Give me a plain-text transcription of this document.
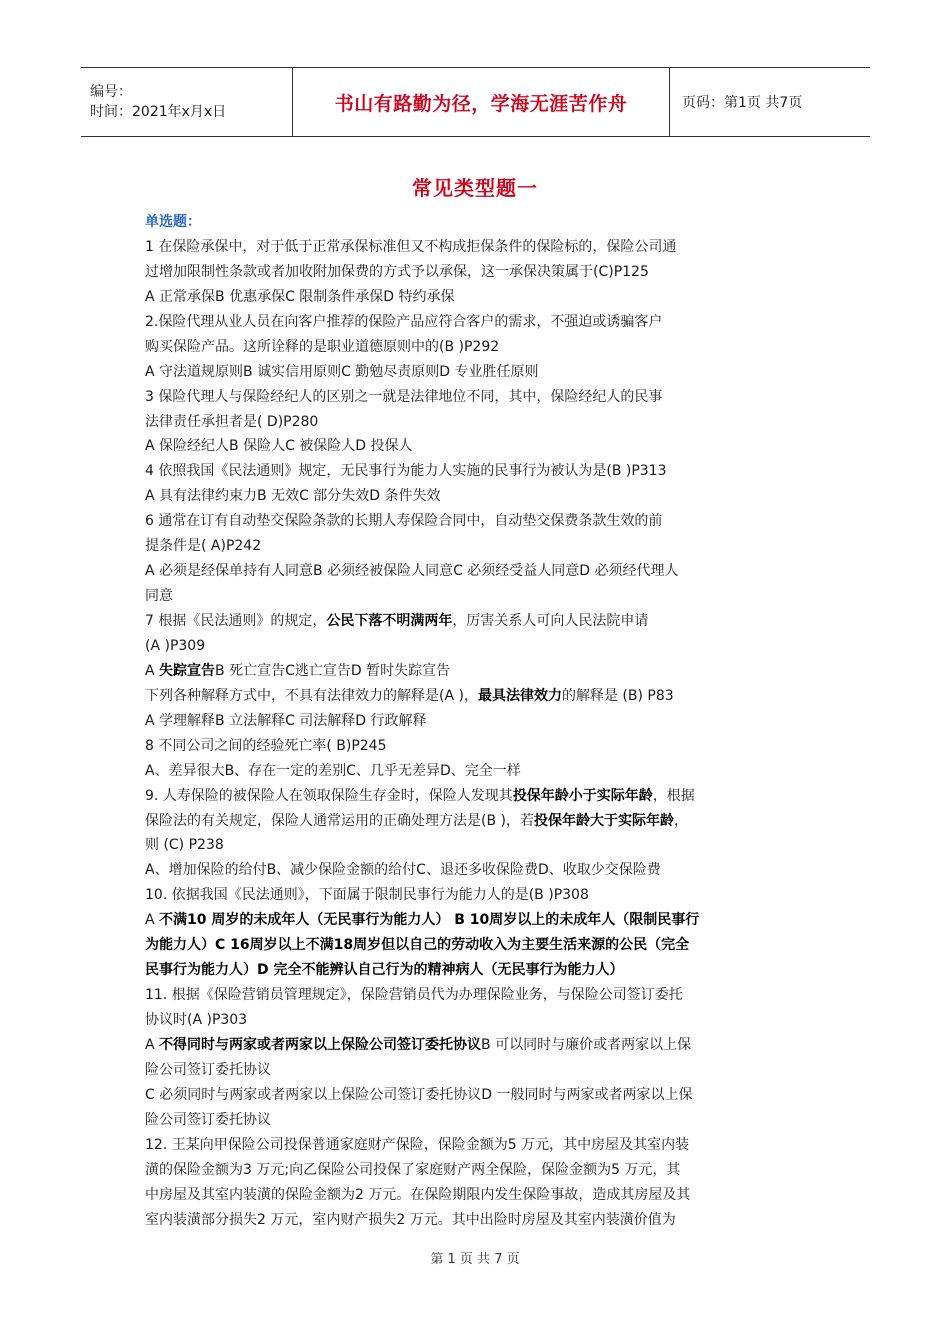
编号：
时间：2021年x月x日	书山有路勤为径，学海无涯苦作舟	页码：第1页 共7页
常见类型题一
单选题：
1 在保险承保中，对于低于正常承保标准但又不构成拒保条件的保险标的，保险公司通
过增加限制性条款或者加收附加保费的方式予以承保，这一承保决策属于(C)P125
A 正常承保B 优惠承保C 限制条件承保D 特约承保
2.保险代理从业人员在向客户推荐的保险产品应符合客户的需求，不强迫或诱骗客户
购买保险产品。这所诠释的是职业道德原则中的(B )P292
A 守法道规原则B 诚实信用原则C 勤勉尽责原则D 专业胜任原则
3 保险代理人与保险经纪人的区别之一就是法律地位不同，其中，保险经纪人的民事
法律责任承担者是( D)P280
A 保险经纪人B 保险人C 被保险人D 投保人
4 依照我国《民法通则》规定，无民事行为能力人实施的民事行为被认为是(B )P313
A 具有法律约束力B 无效C 部分失效D 条件失效
6 通常在订有自动垫交保险条款的长期人寿保险合同中，自动垫交保费条款生效的前
提条件是( A)P242
A 必须是经保单持有人同意B 必须经被保险人同意C 必须经受益人同意D 必须经代理人
同意
7 根据《民法通则》的规定，公民下落不明满两年，厉害关系人可向人民法院申请
(A )P309
A 失踪宣告B 死亡宣告C逃亡宣告D 暂时失踪宣告
下列各种解释方式中，不具有法律效力的解释是(A )，最具法律效力的解释是 (B) P83
A 学理解释B 立法解释C 司法解释D 行政解释
8 不同公司之间的经验死亡率( B)P245
A、差异很大B、存在一定的差别C、几乎无差异D、完全一样
9. 人寿保险的被保险人在领取保险生存金时，保险人发现其投保年龄小于实际年龄，根据
保险法的有关规定，保险人通常运用的正确处理方法是(B )，若投保年龄大于实际年龄，
则 (C) P238
A、增加保险的给付B、减少保险金额的给付C、退还多收保险费D、收取少交保险费
10. 依据我国《民法通则》，下面属于限制民事行为能力人的是(B )P308
A 不满10 周岁的未成年人（无民事行为能力人） B 10周岁以上的未成年人（限制民事行
为能力人）C 16周岁以上不满18周岁但以自己的劳动收入为主要生活来源的公民（完全
民事行为能力人）D 完全不能辨认自己行为的精神病人（无民事行为能力人）
11. 根据《保险营销员管理规定》，保险营销员代为办理保险业务，与保险公司签订委托
协议时(A )P303
A 不得同时与两家或者两家以上保险公司签订委托协议B 可以同时与廉价或者两家以上保
险公司签订委托协议
C 必须同时与两家或者两家以上保险公司签订委托协议D 一般同时与两家或者两家以上保
险公司签订委托协议
12. 王某向甲保险公司投保普通家庭财产保险，保险金额为5 万元，其中房屋及其室内装
潢的保险金额为3 万元;向乙保险公司投保了家庭财产两全保险，保险金额为5 万元，其
中房屋及其室内装潢的保险金额为2 万元。在保险期限内发生保险事故，造成其房屋及其
室内装潢部分损失2 万元，室内财产损失2 万元。其中出险时房屋及其室内装潢价值为
第 1 页 共 7 页
